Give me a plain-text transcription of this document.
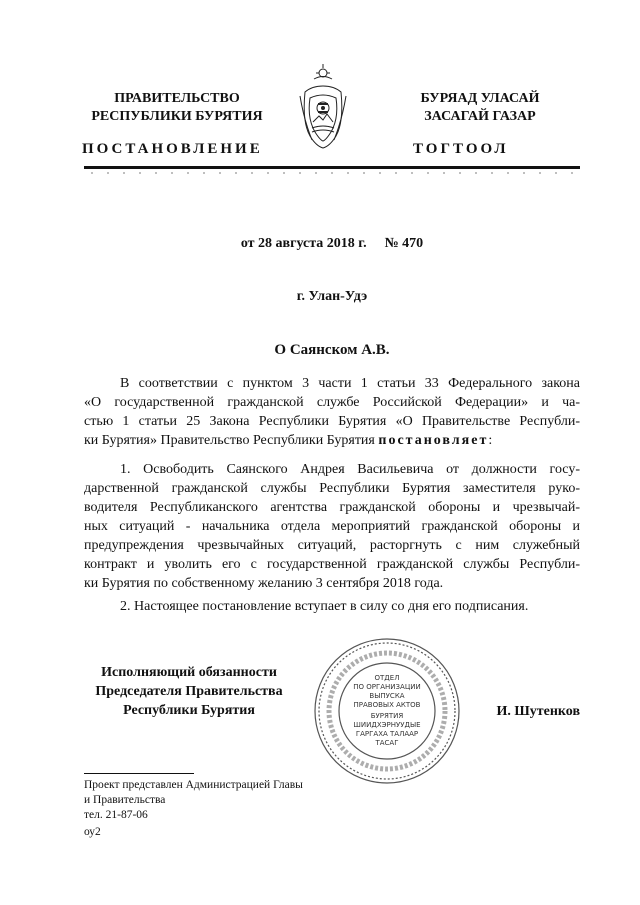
ПРАВИТЕЛЬСТВО
РЕСПУБЛИКИ БУРЯТИЯ
БУРЯАД УЛАСАЙ
ЗАСАГАЙ ГАЗАР
ПОСТАНОВЛЕНИЕ	ТОГТООЛ
от 28 августа 2018 г. № 470
г. Улан-Удэ
О Саянском А.В.
В соответствии с пунктом 3 части 1 статьи 33 Федерального закона
«О государственной гражданской службе Российской Федерации» и ча-
стью 1 статьи 25 Закона Республики Бурятия «О Правительстве Республи-
ки Бурятия» Правительство Республики Бурятия постановляет:
1. Освободить Саянского Андрея Васильевича от должности госу-
дарственной гражданской службы Республики Бурятия заместителя руко-
водителя Республиканского агентства гражданской обороны и чрезвычай-
ных ситуаций - начальника отдела мероприятий гражданской обороны и
предупреждения чрезвычайных ситуаций, расторгнуть с ним служебный
контракт и уволить его с государственной гражданской службы Республи-
ки Бурятия по собственному желанию 3 сентября 2018 года.
2. Настоящее постановление вступает в силу со дня его подписания.
Исполняющий обязанности
Председателя Правительства
Республики Бурятия
ОТДЕЛ
ПО ОРГАНИЗАЦИИ
ВЫПУСКА
ПРАВОВЫХ АКТОВ
БУРЯТИЯ
ШИИДХЭРНУУДЫЕ
ГАРГАХА ТАЛААР
ТАСАГ
И. Шутенков
Проект представлен Администрацией Главы
и Правительства
тел. 21-87-06
оу2
